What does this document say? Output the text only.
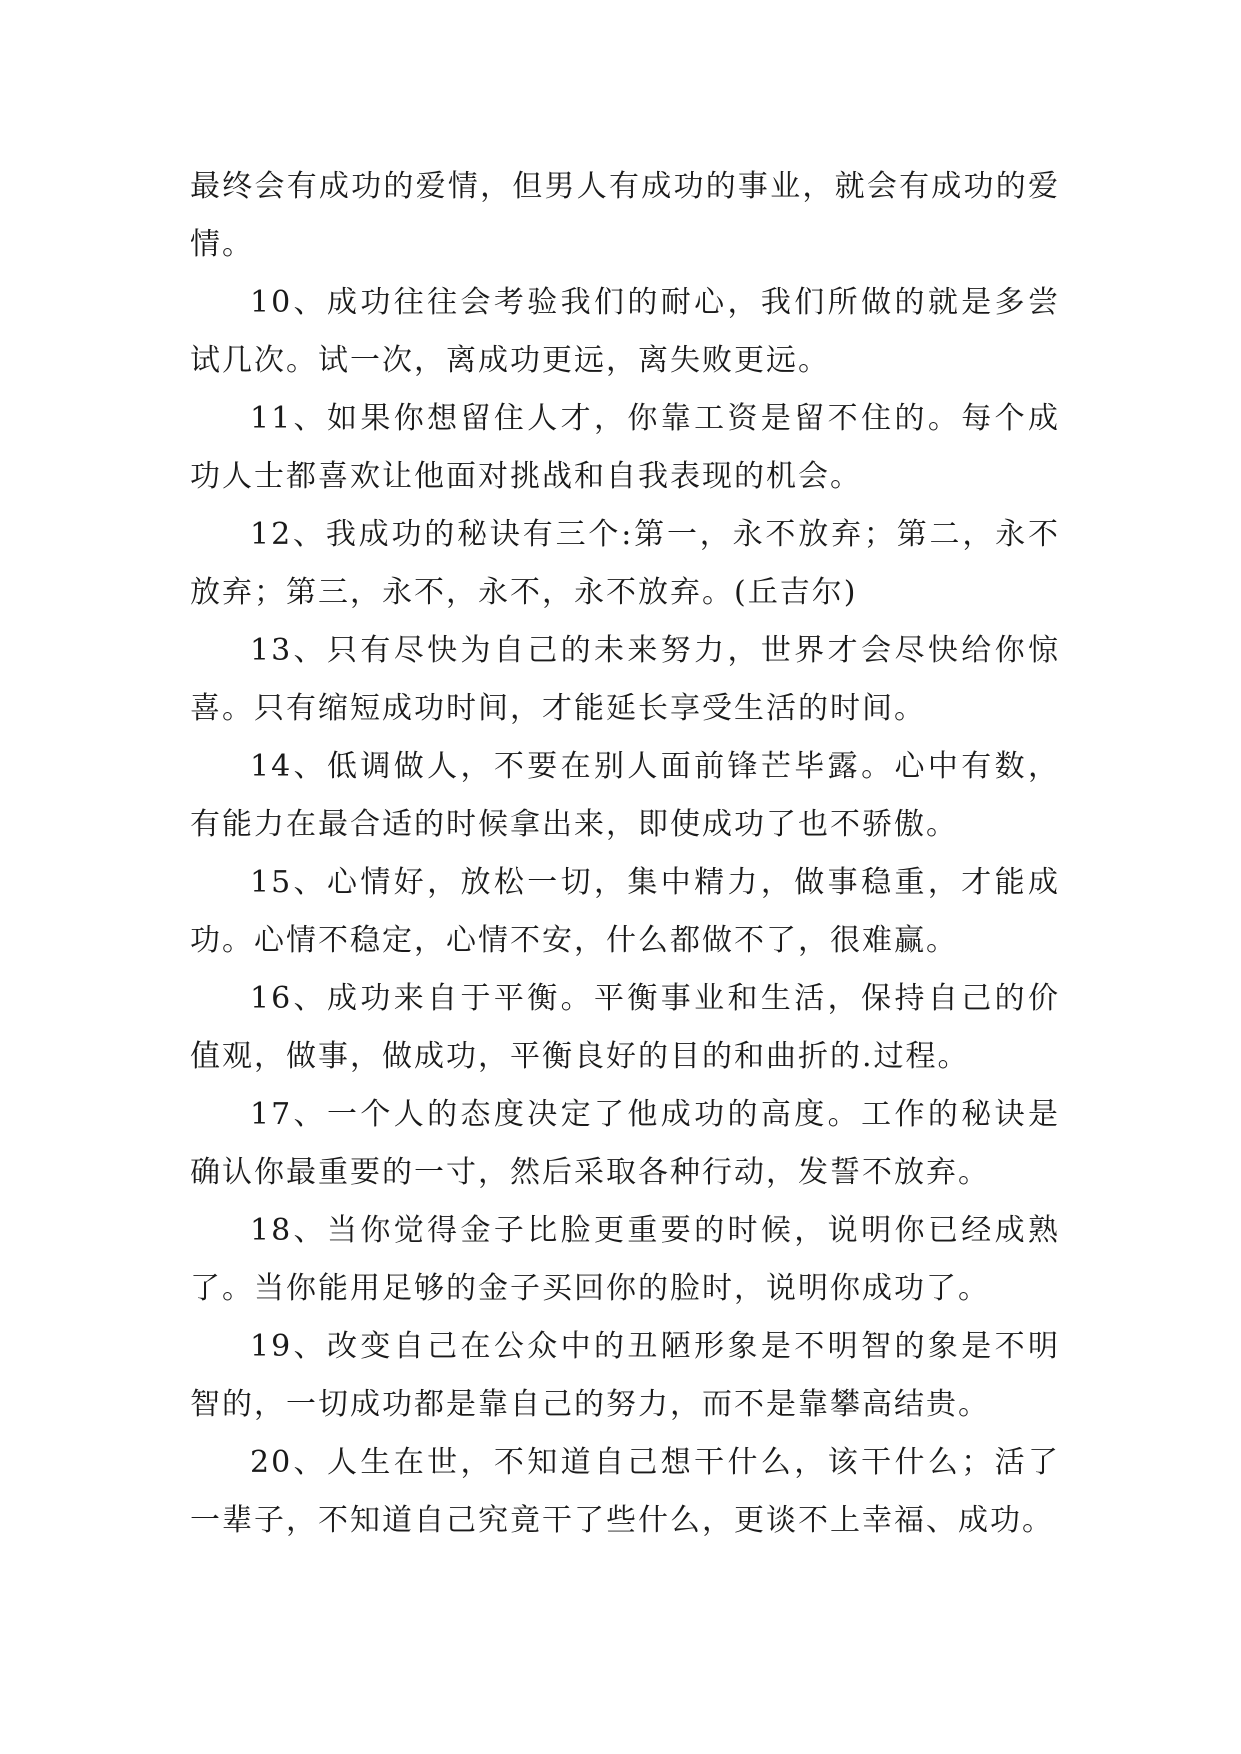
最终会有成功的爱情，但男人有成功的事业，就会有成功的爱情。

10、成功往往会考验我们的耐心，我们所做的就是多尝试几次。试一次，离成功更远，离失败更远。

11、如果你想留住人才，你靠工资是留不住的。每个成功人士都喜欢让他面对挑战和自我表现的机会。

12、我成功的秘诀有三个:第一，永不放弃；第二，永不放弃；第三，永不，永不，永不放弃。(丘吉尔)

13、只有尽快为自己的未来努力，世界才会尽快给你惊喜。只有缩短成功时间，才能延长享受生活的时间。

14、低调做人，不要在别人面前锋芒毕露。心中有数，有能力在最合适的时候拿出来，即使成功了也不骄傲。

15、心情好，放松一切，集中精力，做事稳重，才能成功。心情不稳定，心情不安，什么都做不了，很难赢。

16、成功来自于平衡。平衡事业和生活，保持自己的价值观，做事，做成功，平衡良好的目的和曲折的.过程。

17、一个人的态度决定了他成功的高度。工作的秘诀是确认你最重要的一寸，然后采取各种行动，发誓不放弃。

18、当你觉得金子比脸更重要的时候，说明你已经成熟了。当你能用足够的金子买回你的脸时，说明你成功了。

19、改变自己在公众中的丑陋形象是不明智的象是不明智的，一切成功都是靠自己的努力，而不是靠攀高结贵。

20、人生在世，不知道自己想干什么，该干什么；活了一辈子，不知道自己究竟干了些什么，更谈不上幸福、成功。
